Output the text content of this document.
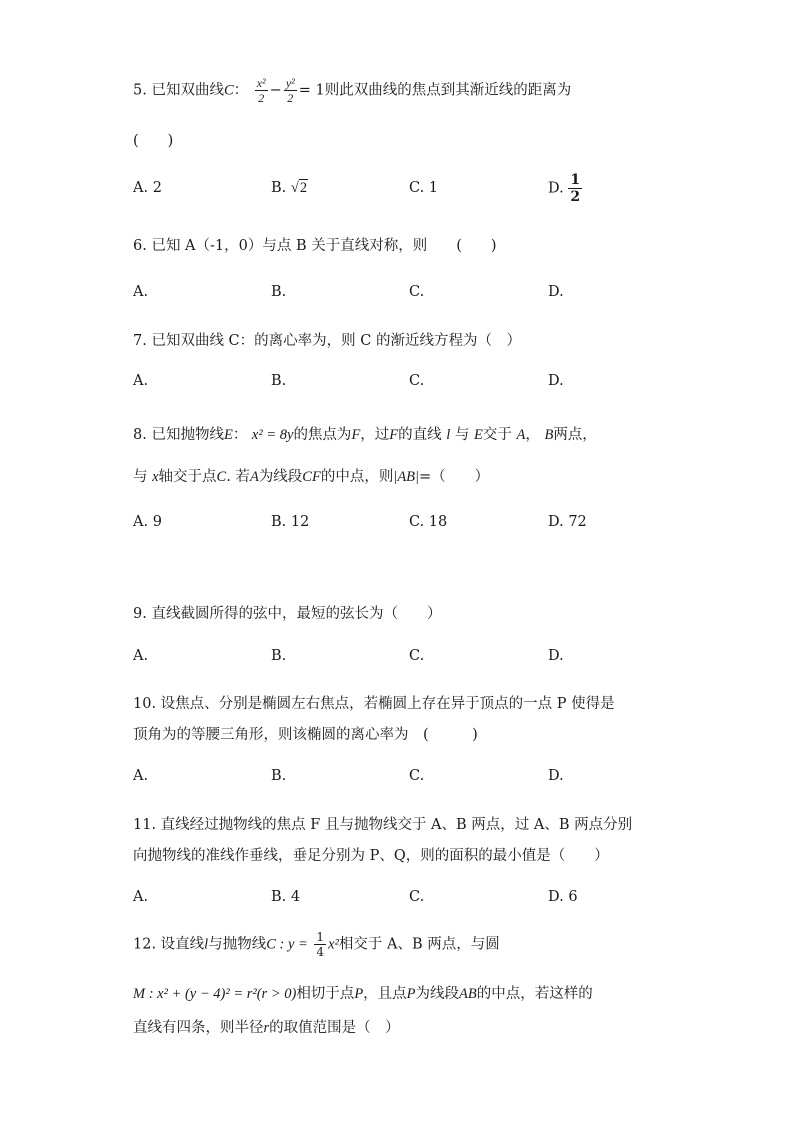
5. 已知双曲线C： $\frac{\text{x²}}{2} - \frac{\text{y²}}{2} = 1$则此双曲线的焦点到其渐近线的距离为
(　　)
A. 2	B. √2	C. 1	D. $\frac{1}{2}$
6. 已知 A（-1，0）与点 B 关于直线对称，则　　(　　)
A.	B.	C.	D.
7. 已知双曲线 C：的离心率为，则 C 的渐近线方程为（　）
A.	B.	C.	D.
8. 已知抛物线E： x² = 8y的焦点为F，过F的直线 l 与 E交于 A， B两点，
与 x轴交于点C. 若A为线段CF的中点，则|AB|=（　　）
A. 9	B. 12	C. 18	D. 72
9. 直线截圆所得的弦中，最短的弦长为（　　）
A.	B.	C.	D.
10. 设焦点、分别是椭圆左右焦点，若椭圆上存在异于顶点的一点 P 使得是
顶角为的等腰三角形，则该椭圆的离心率为　(　　　)
A.	B.	C.	D.
11. 直线经过抛物线的焦点 F 且与抛物线交于 A、B 两点，过 A、B 两点分别
向抛物线的准线作垂线，垂足分别为 P、Q，则的面积的最小值是（　　）
A.	B. 4	C.	D. 6
12. 设直线l与抛物线C : $y = \frac{1}{4} x^2$相交于 A、B 两点，与圆
M : x² + (y − 4)² = r²(r > 0)相切于点P，且点P为线段AB的中点，若这样的
直线有四条，则半径r的取值范围是（　）
